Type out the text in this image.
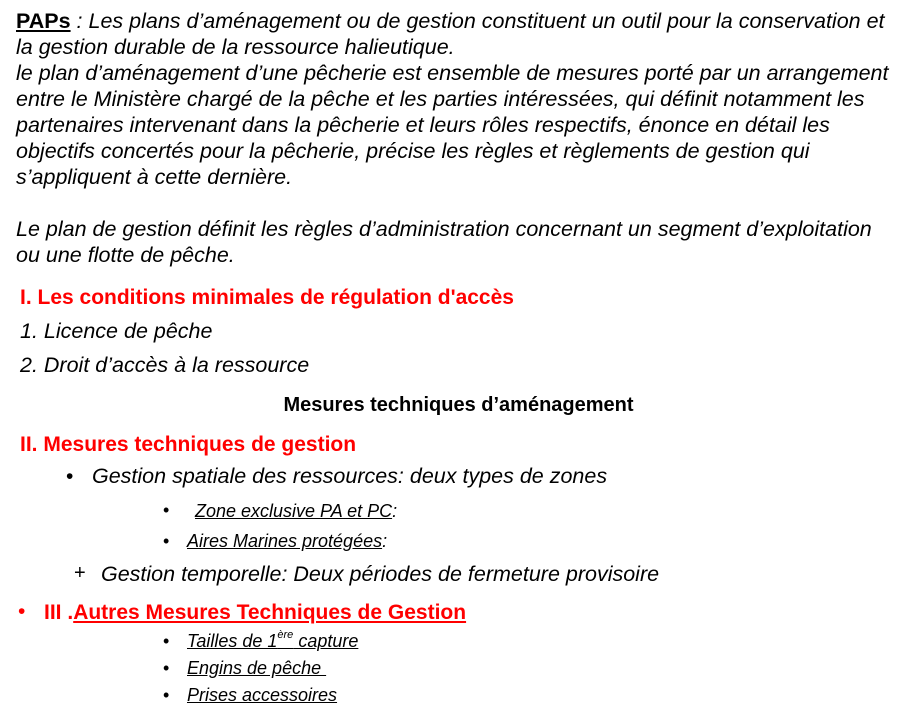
PAPs : Les plans d’aménagement ou de gestion constituent un outil pour la conservation et la gestion durable de la ressource halieutique.

le plan d’aménagement d’une pêcherie est ensemble de mesures porté par un arrangement entre le Ministère chargé de la pêche et les parties intéressées, qui définit notamment les partenaires intervenant dans la pêcherie et leurs rôles respectifs, énonce en détail les objectifs concertés pour la pêcherie, précise les règles et règlements de gestion qui s’appliquent à cette dernière.

Le plan de gestion définit les règles d’administration concernant un segment d’exploitation ou une flotte de pêche.

I. Les conditions minimales de régulation d'accès

1. Licence de pêche

2. Droit d’accès à la ressource

Mesures techniques d’aménagement

II. Mesures techniques de gestion

• Gestion spatiale des ressources: deux types de zones

• Zone exclusive PA et PC:

• Aires Marines protégées:

+ Gestion temporelle: Deux périodes de fermeture provisoire

• III .Autres Mesures Techniques de Gestion

• Tailles de 1ère capture

• Engins de pêche

• Prises accessoires
